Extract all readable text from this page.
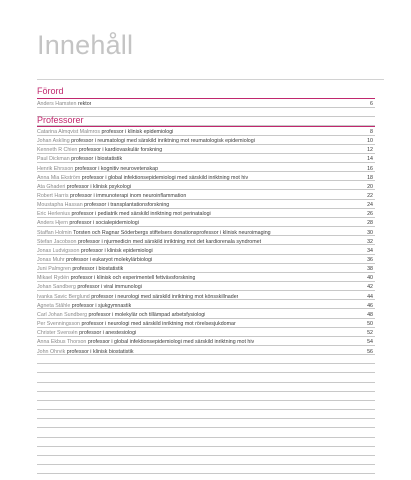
Innehåll
Förord
Professorer
Anders Hamsten rektor	6
Catarina Almqvist Malmros professor i klinisk epidemiologi	8
Johan Askling professor i reumatologi med särskild inriktning mot reumatologisk epidemiologi	10
Kenneth R Chien professor i kardiovaskulär forskning	12
Paul Dickman professor i biostatistik	14
Henrik Ehrsson professor i kognitiv neurovetenskap	16
Anna Mia Ekström professor i global infektionsepidemiologi med särskild inriktning mot hiv	18
Ata Ghaderi professor i klinisk psykologi	20
Robert Harris professor i immunoterapi inom neuroinflammation	22
Moustapha Hassan professor i transplantationsforskning	24
Eric Herlenius professor i pediatrik med särskild inriktning mot perinatalogi	26
Anders Hjern professor i socialepidemiologi	28
Staffan Holmin Torsten och Ragnar Söderbergs stiftelsers donationsprofessor i klinisk neuroimaging	30
Stefan Jacobson professor i njurmedicin med särskild inriktning mot det kardiorenala syndromet	32
Jonas Ludvigsson professor i klinisk epidemiologi	34
Jonas Muhr professor i eukaryot molekylärbiologi	36
Juni Palmgren professor i biostatistik	38
Mikael Rydén professor i klinisk och experimentell fettvävsforskning	40
Johan Sandberg professor i viral immunologi	42
Ivanka Savic Berglund professor i neurologi med särskild inriktning mot könsskillnader	44
Agneta Ståhle professor i sjukgymnastik	46
Carl Johan Sundberg professor i molekylär och tillämpad arbetsfysiologi	48
Per Svenningsson professor i neurologi med särskild inriktning mot rörelsesjukdomar	50
Christer Svensén professor i anestesiologi	52
Anna Ekbus Thorson professor i global infektionsepidemiologi med särskild inriktning mot hiv	54
John Öhrvik professor i klinisk biostatistik	56
